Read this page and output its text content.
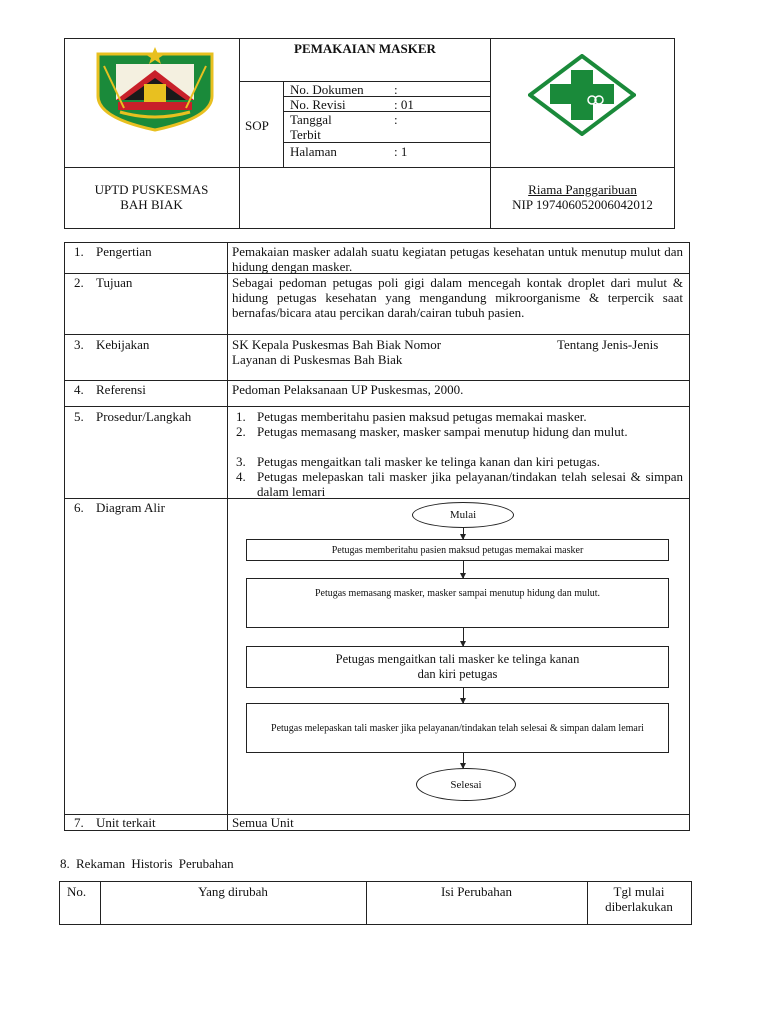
PEMAKAIAN MASKER
SOP
No. Dokumen :
No. Revisi	: 01
Tanggal
Terbit
:
Halaman	: 1
UPTD PUSKESMAS
BAH BIAK
Riama Panggaribuan
NIP 197406052006042012
1. Pengertian	Pemakaian masker adalah suatu kegiatan petugas kesehatan untuk menutup mulut dan hidung dengan masker.
2. Tujuan	Sebagai pedoman petugas poli gigi dalam mencegah kontak droplet dari mulut & hidung petugas kesehatan yang mengandung mikroorganisme & terpercik saat bernafas/bicara atau percikan darah/cairan tubuh pasien.
3. Kebijakan	SK Kepala Puskesmas Bah Biak Nomor	Tentang Jenis-Jenis
Layanan di Puskesmas Bah Biak
4. Referensi	Pedoman Pelaksanaan UP Puskesmas, 2000.
5. Prosedur/Langkah	1. Petugas memberitahu pasien maksud petugas memakai masker.
2. Petugas memasang masker, masker sampai menutup hidung dan mulut.
3. Petugas mengaitkan tali masker ke telinga kanan dan kiri petugas.
4. Petugas melepaskan tali masker jika pelayanan/tindakan telah selesai & simpan dalam lemari
6. Diagram Alir	Mulai
Petugas memberitahu pasien maksud petugas memakai masker
Petugas memasang masker, masker sampai menutup hidung dan mulut.
Petugas mengaitkan tali masker ke telinga kanan dan kiri petugas
Petugas melepaskan tali masker jika pelayanan/tindakan telah selesai & simpan dalam lemari
Selesai
7. Unit terkait	Semua Unit
8. Rekaman Historis Perubahan
No.	Yang dirubah	Isi Perubahan	Tgl mulai
diberlakukan
